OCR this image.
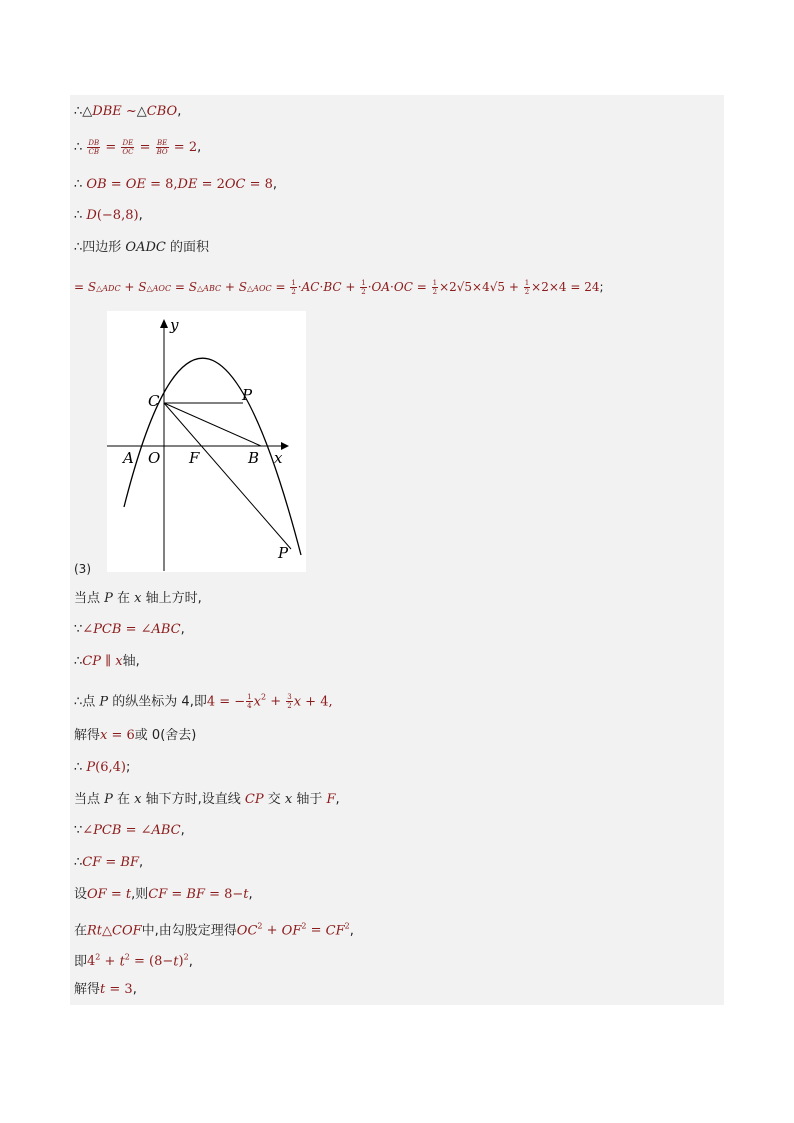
∴△DBE ~△CBO,
∴ $\frac{DB}{CB} = \frac{DE}{OC} = \frac{BE}{BO} = 2$,
∴ OB = OE = 8,DE = 2OC = 8,
∴ D(−8,8),
∴四边形 OADC 的面积
= S△ADC + S△AOC = S△ABC + S△AOC = $\frac{1}{2} \cdot AC\cdot BC + \frac{1}{2} \cdot OA\cdot OC = \frac{1}{2} \times 2√5\times 4√5 + \frac{1}{2} \times 2\times 4 = 24$;
y
C	P
A O F	B x
P
(3)
当点 P 在 x 轴上方时,
∵∠PCB = ∠ABC,
∴CP ∥ x轴,
∴点 P 的纵坐标为 4,即4 = − $\frac{1}{4} x^2 + \frac{3}{2}$ x + 4,
解得x = 6或 0(舍去)
∴ P(6,4);
当点 P 在 x 轴下方时,设直线 CP 交 x 轴于 F,
∵∠PCB = ∠ABC,
∴CF = BF,
设OF = t,则CF = BF = 8−t,
在Rt△COF中,由勾股定理得$OC^2 + OF^2 = CF^2$,
即$4^2 + t^2 = (8-t)^2$,
解得t = 3,
